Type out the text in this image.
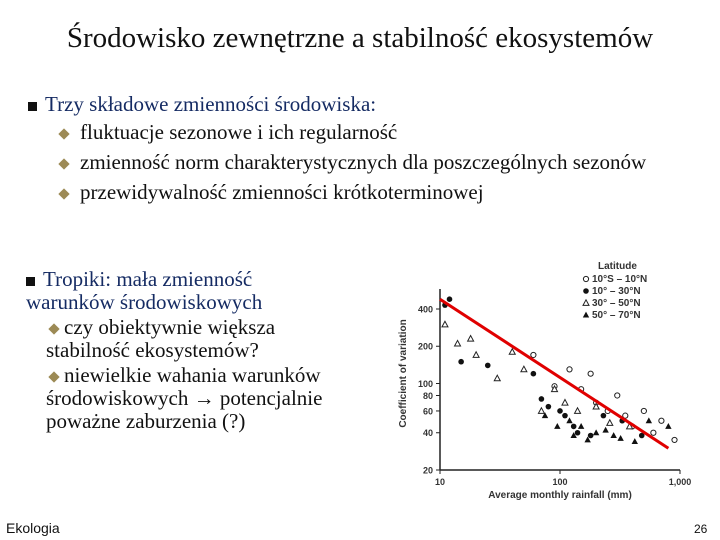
Środowisko zewnętrzne a stabilność ekosystemów
Trzy składowe zmienności środowiska:
fluktuacje sezonowe i ich regularność
zmienność norm charakterystycznych dla poszczególnych sezonów
przewidywalność zmienności krótkoterminowej
Tropiki: mała zmienność
warunków środowiskowych
czy obiektywnie większa
stabilność ekosystemów?
niewielkie wahania warunków
środowiskowych → potencjalnie
poważne zaburzenia (?)
20
40
60
80
100
200
400
10	100	1,000
Average monthly rainfall (mm)
Coefficient of variation
Latitude
10°S – 10°N
10° – 30°N
30° – 50°N
50° – 70°N
Ekologia	26
